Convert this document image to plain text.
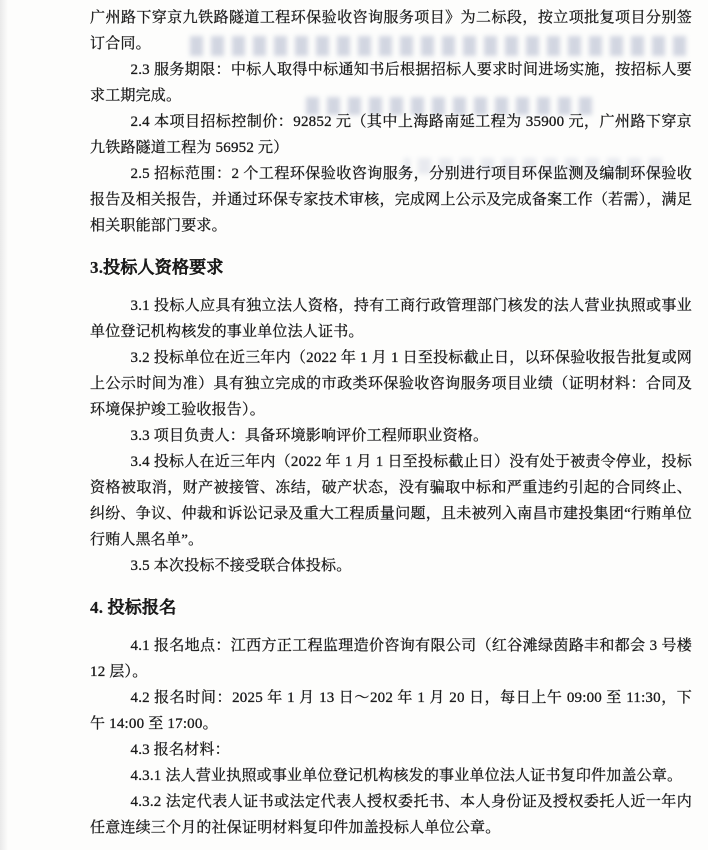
广州路下穿京九铁路隧道工程环保验收咨询服务项目》为二标段，按立项批复项目分别签订合同。

2.3 服务期限：中标人取得中标通知书后根据招标人要求时间进场实施，按招标人要求工期完成。

2.4 本项目招标控制价：92852 元（其中上海路南延工程为 35900 元，广州路下穿京九铁路隧道工程为 56952 元）

2.5 招标范围：2 个工程环保验收咨询服务，分别进行项目环保监测及编制环保验收报告及相关报告，并通过环保专家技术审核，完成网上公示及完成备案工作（若需），满足相关职能部门要求。

3.投标人资格要求

3.1 投标人应具有独立法人资格，持有工商行政管理部门核发的法人营业执照或事业单位登记机构核发的事业单位法人证书。

3.2 投标单位在近三年内（2022 年 1 月 1 日至投标截止日，以环保验收报告批复或网上公示时间为准）具有独立完成的市政类环保验收咨询服务项目业绩（证明材料：合同及环境保护竣工验收报告）。

3.3 项目负责人：具备环境影响评价工程师职业资格。

3.4 投标人在近三年内（2022 年 1 月 1 日至投标截止日）没有处于被责令停业，投标资格被取消，财产被接管、冻结，破产状态，没有骗取中标和严重违约引起的合同终止、纠纷、争议、仲裁和诉讼记录及重大工程质量问题，且未被列入南昌市建投集团“行贿单位行贿人黑名单”。

3.5 本次投标不接受联合体投标。

4. 投标报名

4.1 报名地点：江西方正工程监理造价咨询有限公司（红谷滩绿茵路丰和都会 3 号楼 12 层）。

4.2 报名时间：2025 年 1 月 13 日～202 年 1 月 20 日，每日上午 09:00 至 11:30，下午 14:00 至 17:00。

4.3 报名材料：

4.3.1 法人营业执照或事业单位登记机构核发的事业单位法人证书复印件加盖公章。

4.3.2 法定代表人证书或法定代表人授权委托书、本人身份证及授权委托人近一年内任意连续三个月的社保证明材料复印件加盖投标人单位公章。
